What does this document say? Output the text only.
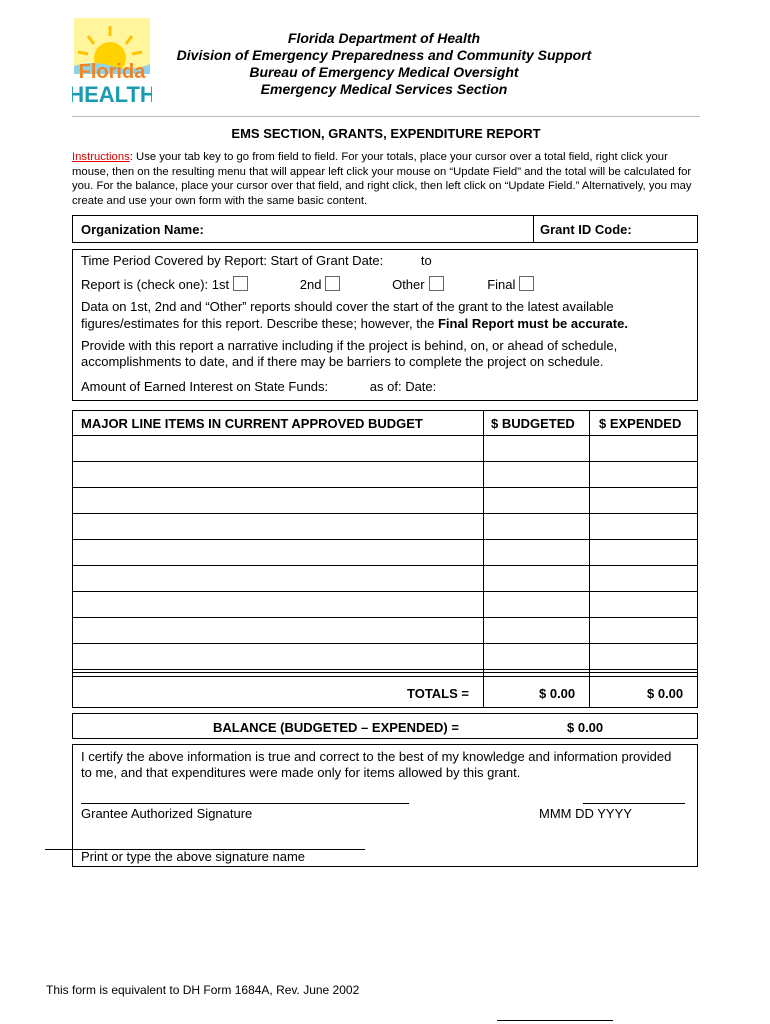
Florida
HEALTH
Florida Department of Health
Division of Emergency Preparedness and Community Support
Bureau of Emergency Medical Oversight
Emergency Medical Services Section
EMS SECTION, GRANTS, EXPENDITURE REPORT
Instructions: Use your tab key to go from field to field. For your totals, place your cursor over a total field, right click your mouse, then on the resulting menu that will appear left click your mouse on “Update Field” and the total will be calculated for you. For the balance, place your cursor over that field, and right click, then left click on “Update Field.” Alternatively, you may create and use your own form with the same basic content.
Organization Name:	Grant ID Code:
Time Period Covered by Report: Start of Grant Date:	to
Report is (check one): 1st	2nd	Other	Final
Data on 1st, 2nd and “Other” reports should cover the start of the grant to the latest available figures/estimates for this report. Describe these; however, the Final Report must be accurate.
Provide with this report a narrative including if the project is behind, on, or ahead of schedule, accomplishments to date, and if there may be barriers to complete the project on schedule.
Amount of Earned Interest on State Funds:	as of: Date:
MAJOR LINE ITEMS IN CURRENT APPROVED BUDGET	$ BUDGETED $ EXPENDED
TOTALS =	$ 0.00	$ 0.00
BALANCE (BUDGETED – EXPENDED) =	$ 0.00
I certify the above information is true and correct to the best of my knowledge and information provided to me, and that expenditures were made only for items allowed by this grant.
Grantee Authorized Signature	MMM DD YYYY
Print or type the above signature name
This form is equivalent to DH Form 1684A, Rev. June 2002
